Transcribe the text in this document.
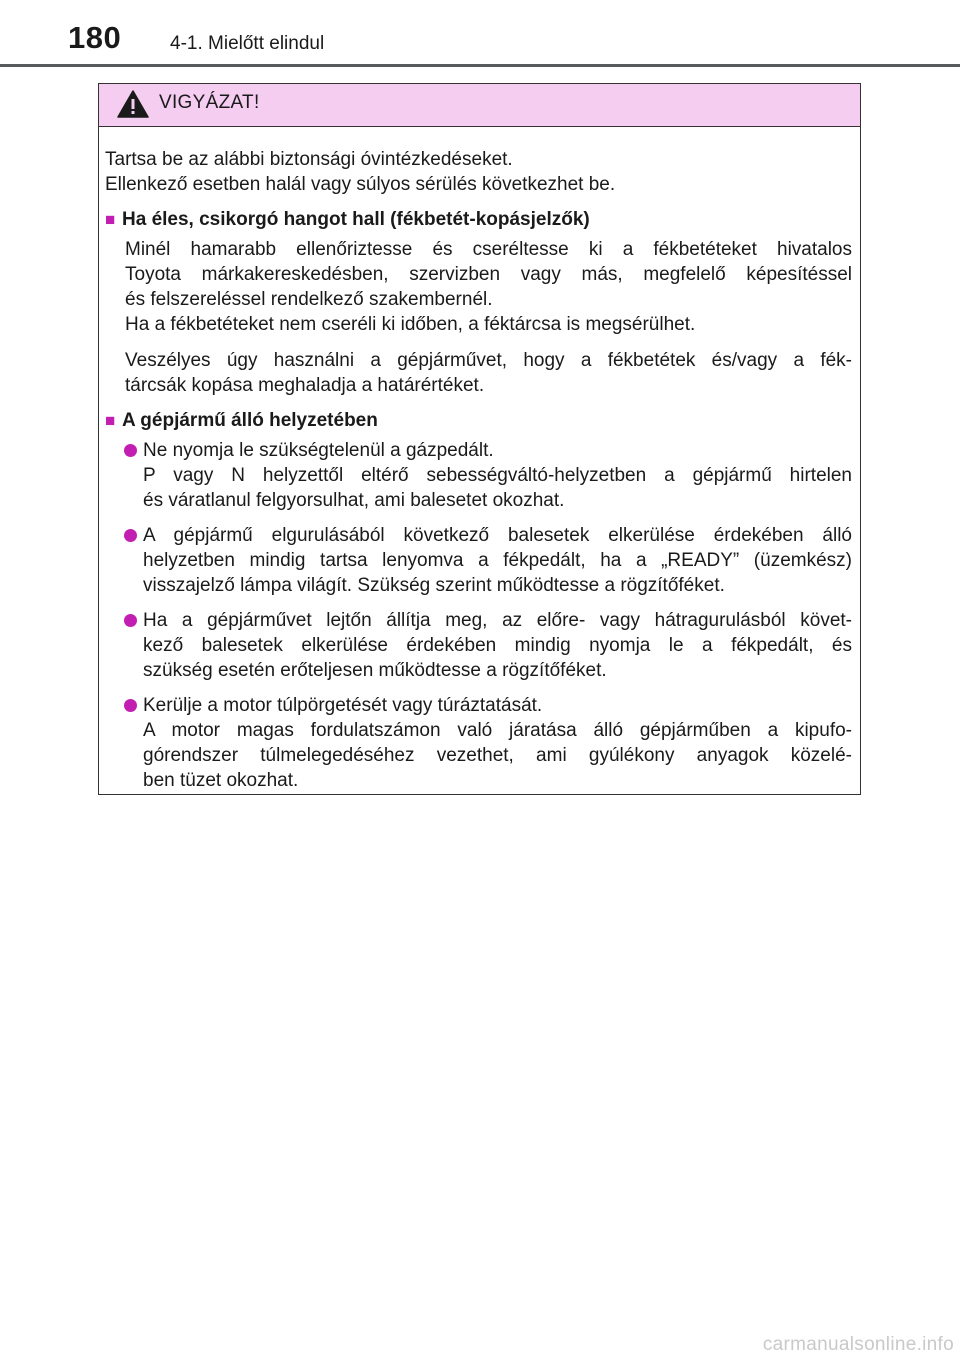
180	4-1. Mielőtt elindul
VIGYÁZAT!

Tartsa be az alábbi biztonsági óvintézkedéseket.

Ellenkező esetben halál vagy súlyos sérülés következhet be.

■ Ha éles, csikorgó hangot hall (fékbetét-kopásjelzők)
Minél hamarabb ellenőriztesse és cseréltesse ki a fékbetéteket hivatalos
Toyota márkakereskedésben, szervizben vagy más, megfelelő képesítéssel
és felszereléssel rendelkező szakembernél.
Ha a fékbetéteket nem cseréli ki időben, a féktárcsa is megsérülhet.
Veszélyes úgy használni a gépjárművet, hogy a fékbetétek és/vagy a fék-
tárcsák kopása meghaladja a határértéket.
■ A gépjármű álló helyzetében
Ne nyomja le szükségtelenül a gázpedált.
P vagy N helyzettől eltérő sebességváltó-helyzetben a gépjármű hirtelen
és váratlanul felgyorsulhat, ami balesetet okozhat.
A gépjármű elgurulásából következő balesetek elkerülése érdekében álló
helyzetben mindig tartsa lenyomva a fékpedált, ha a „READY” (üzemkész)
visszajelző lámpa világít. Szükség szerint működtesse a rögzítőféket.
Ha a gépjárművet lejtőn állítja meg, az előre- vagy hátragurulásból követ-
kező balesetek elkerülése érdekében mindig nyomja le a fékpedált, és
szükség esetén erőteljesen működtesse a rögzítőféket.
Kerülje a motor túlpörgetését vagy túráztatását.
A motor magas fordulatszámon való járatása álló gépjárműben a kipufo-
górendszer túlmelegedéséhez vezethet, ami gyúlékony anyagok közelé-
ben tüzet okozhat.
carmanualsonline.info
